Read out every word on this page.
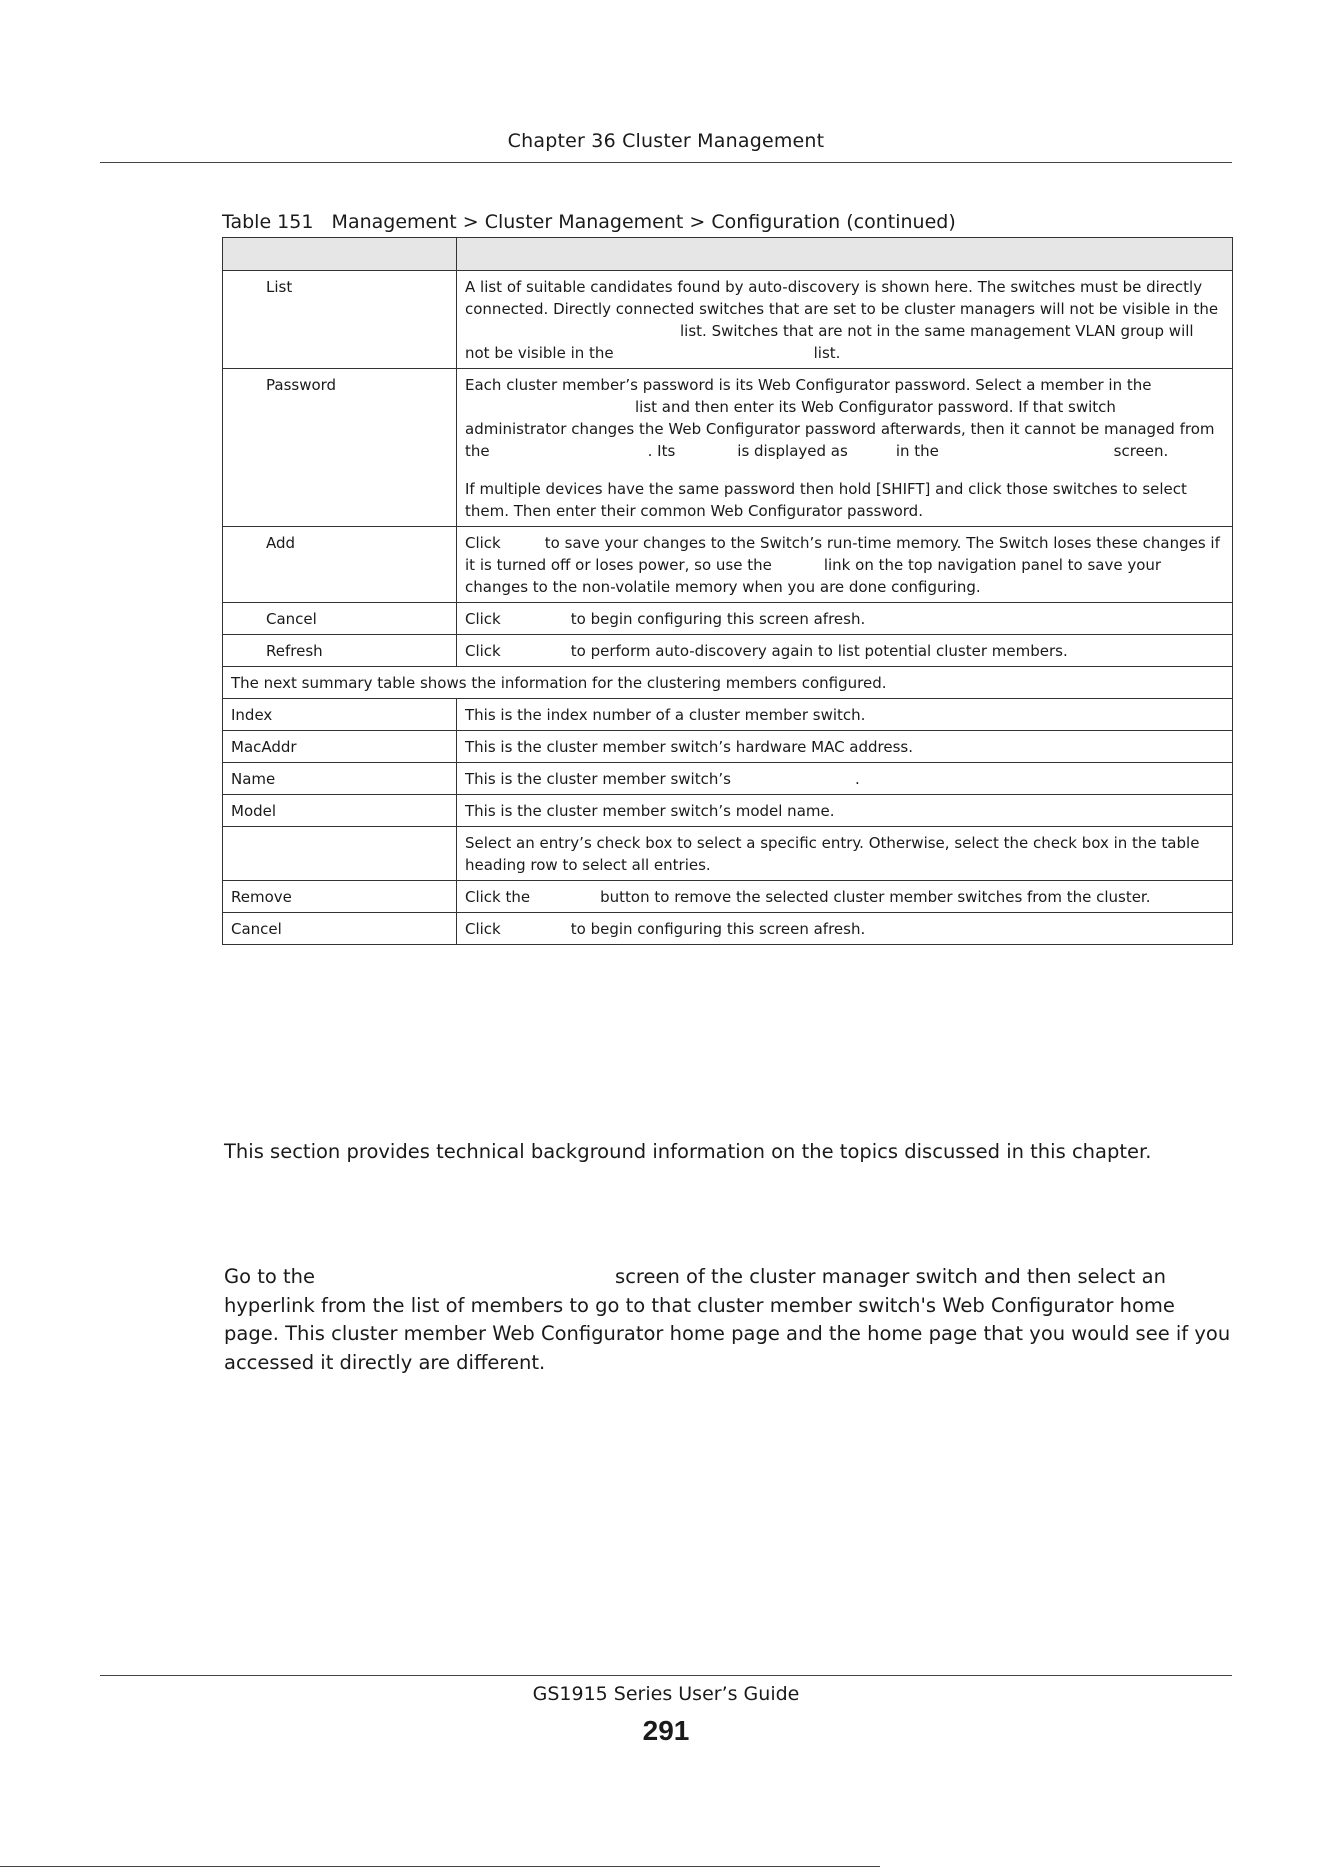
Chapter 36 Cluster Management
Table 151   Management > Cluster Management > Configuration (continued)

List	A list of suitable candidates found by auto-discovery is shown here. The switches must be directly connected. Directly connected switches that are set to be cluster managers will not be visible in thelist. Switches that are not in the same management VLAN group will not be visible in the list.
Password	Each cluster member’s password is its Web Configurator password. Select a member in the list and then enter its Web Configurator password. If that switch administrator changes the Web Configurator password afterwards, then it cannot be managed from the . Its is displayed as in the screen.

If multiple devices have the same password then hold [SHIFT] and click those switches to select them. Then enter their common Web Configurator password.

Add	Click to save your changes to the Switch’s run-time memory. The Switch loses these changes if it is turned off or loses power, so use the link on the top navigation panel to save your changes to the non-volatile memory when you are done configuring.
Cancel	Click to begin configuring this screen afresh.
Refresh	Click to perform auto-discovery again to list potential cluster members.
The next summary table shows the information for the clustering members configured.	
Index	This is the index number of a cluster member switch.
MacAddr	This is the cluster member switch’s hardware MAC address.
Name	This is the cluster member switch’s .
Model	This is the cluster member switch’s model name.
	Select an entry’s check box to select a specific entry. Otherwise, select the check box in the table heading row to select all entries.
Remove	Click the button to remove the selected cluster member switches from the cluster.
Cancel	Click to begin configuring this screen afresh.
This section provides technical background information on the topics discussed in this chapter.
Go to the	screen of the cluster manager switch and then select an hyperlink from the list of members to go to that cluster member switch's Web Configurator home page. This cluster member Web Configurator home page and the home page that you would see if you accessed it directly are different.
GS1915 Series User’s Guide
291
